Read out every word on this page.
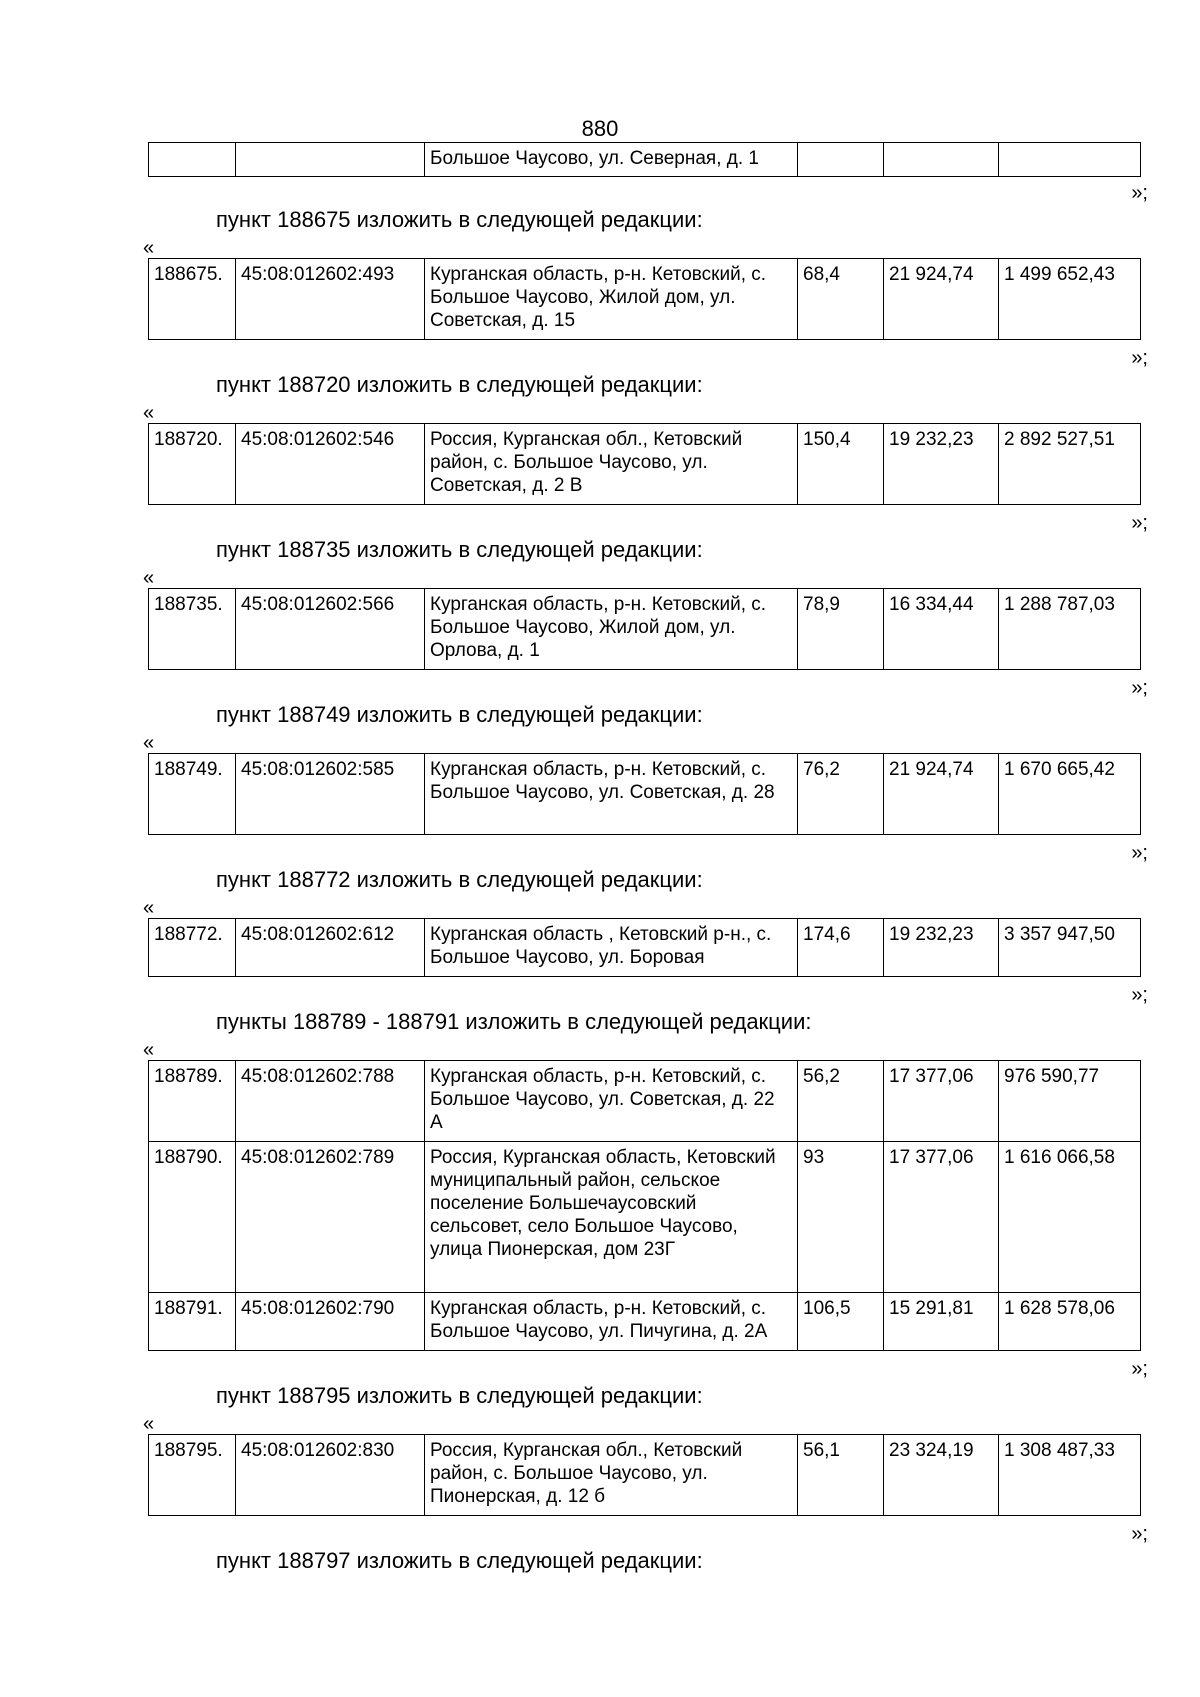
880
		Большое Чаусово, ул. Северная, д. 1			
»;
пункт 188675 изложить в следующей редакции:
«
188675.	45:08:012602:493	Курганская область, р-н. Кетовский, с. Большое Чаусово, Жилой дом, ул. Советская, д. 15	68,4	21 924,74	1 499 652,43
»;
пункт 188720 изложить в следующей редакции:
«
188720.	45:08:012602:546	Россия, Курганская обл., Кетовский район, с. Большое Чаусово, ул. Советская, д. 2 В	150,4	19 232,23	2 892 527,51
»;
пункт 188735 изложить в следующей редакции:
«
188735.	45:08:012602:566	Курганская область, р-н. Кетовский, с. Большое Чаусово, Жилой дом, ул. Орлова, д. 1	78,9	16 334,44	1 288 787,03
»;
пункт 188749 изложить в следующей редакции:
«
188749.	45:08:012602:585	Курганская область, р-н. Кетовский, с. Большое Чаусово, ул. Советская, д. 28	76,2	21 924,74	1 670 665,42
»;
пункт 188772 изложить в следующей редакции:
«
188772.	45:08:012602:612	Курганская область , Кетовский р-н., с. Большое Чаусово, ул. Боровая	174,6	19 232,23	3 357 947,50
»;
пункты 188789 - 188791 изложить в следующей редакции:
«
188789.	45:08:012602:788	Курганская область, р-н. Кетовский, с. Большое Чаусово, ул. Советская, д. 22 А	56,2	17 377,06	976 590,77
188790.	45:08:012602:789	Россия, Курганская область, Кетовский муниципальный район, сельское поселение Большечаусовский сельсовет, село Большое Чаусово, улица Пионерская, дом 23Г	93	17 377,06	1 616 066,58
188791.	45:08:012602:790	Курганская область, р-н. Кетовский, с. Большое Чаусово, ул. Пичугина, д. 2А	106,5	15 291,81	1 628 578,06
»;
пункт 188795 изложить в следующей редакции:
«
188795.	45:08:012602:830	Россия, Курганская обл., Кетовский район, с. Большое Чаусово, ул. Пионерская, д. 12 б	56,1	23 324,19	1 308 487,33
»;
пункт 188797 изложить в следующей редакции:
